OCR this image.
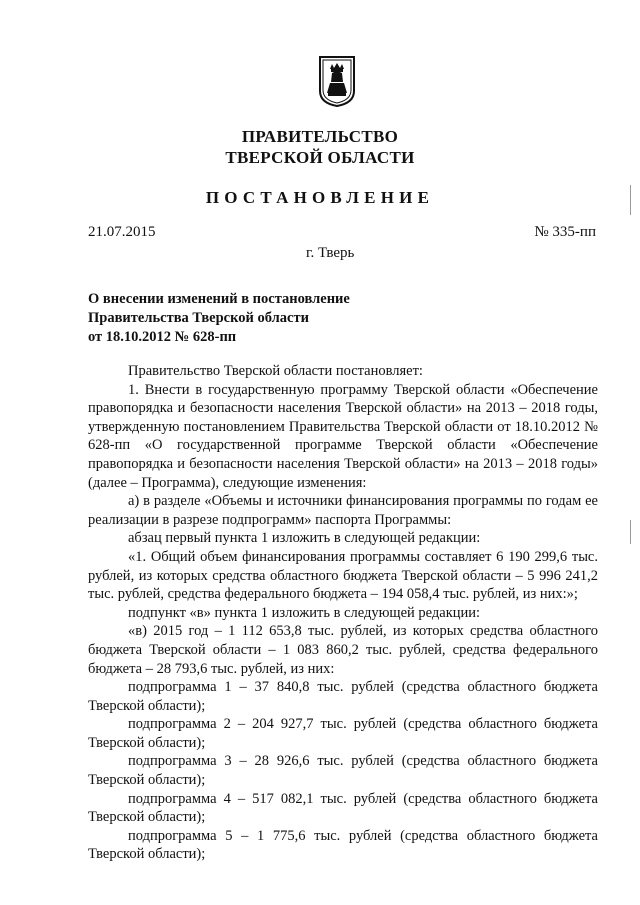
ПРАВИТЕЛЬСТВО
ТВЕРСКОЙ ОБЛАСТИ
ПОСТАНОВЛЕНИЕ
21.07.2015	№ 335-пп
г. Тверь
О внесении изменений в постановление
Правительства Тверской области
от 18.10.2012 № 628-пп

Правительство Тверской области постановляет:

1. Внести в государственную программу Тверской области «Обеспечение правопорядка и безопасности населения Тверской области» на 2013 – 2018 годы, утвержденную постановлением Правительства Тверской области от 18.10.2012 № 628-пп «О государственной программе Тверской области «Обеспечение правопорядка и безопасности населения Тверской области» на 2013 – 2018 годы» (далее – Программа), следующие изменения:

а) в разделе «Объемы и источники финансирования программы по годам ее реализации в разрезе подпрограмм» паспорта Программы:

абзац первый пункта 1 изложить в следующей редакции:

«1. Общий объем финансирования программы составляет 6 190 299,6 тыс. рублей, из которых средства областного бюджета Тверской области – 5 996 241,2 тыс. рублей, средства федерального бюджета – 194 058,4 тыс. рублей, из них:»;

подпункт «в» пункта 1 изложить в следующей редакции:

«в) 2015 год – 1 112 653,8 тыс. рублей, из которых средства областного бюджета Тверской области – 1 083 860,2 тыс. рублей, средства федерального бюджета – 28 793,6 тыс. рублей, из них:

подпрограмма 1 – 37 840,8 тыс. рублей (средства областного бюджета Тверской области);

подпрограмма 2 – 204 927,7 тыс. рублей (средства областного бюджета Тверской области);

подпрограмма 3 – 28 926,6 тыс. рублей (средства областного бюджета Тверской области);

подпрограмма 4 – 517 082,1 тыс. рублей (средства областного бюджета Тверской области);

подпрограмма 5 – 1 775,6 тыс. рублей (средства областного бюджета Тверской области);
